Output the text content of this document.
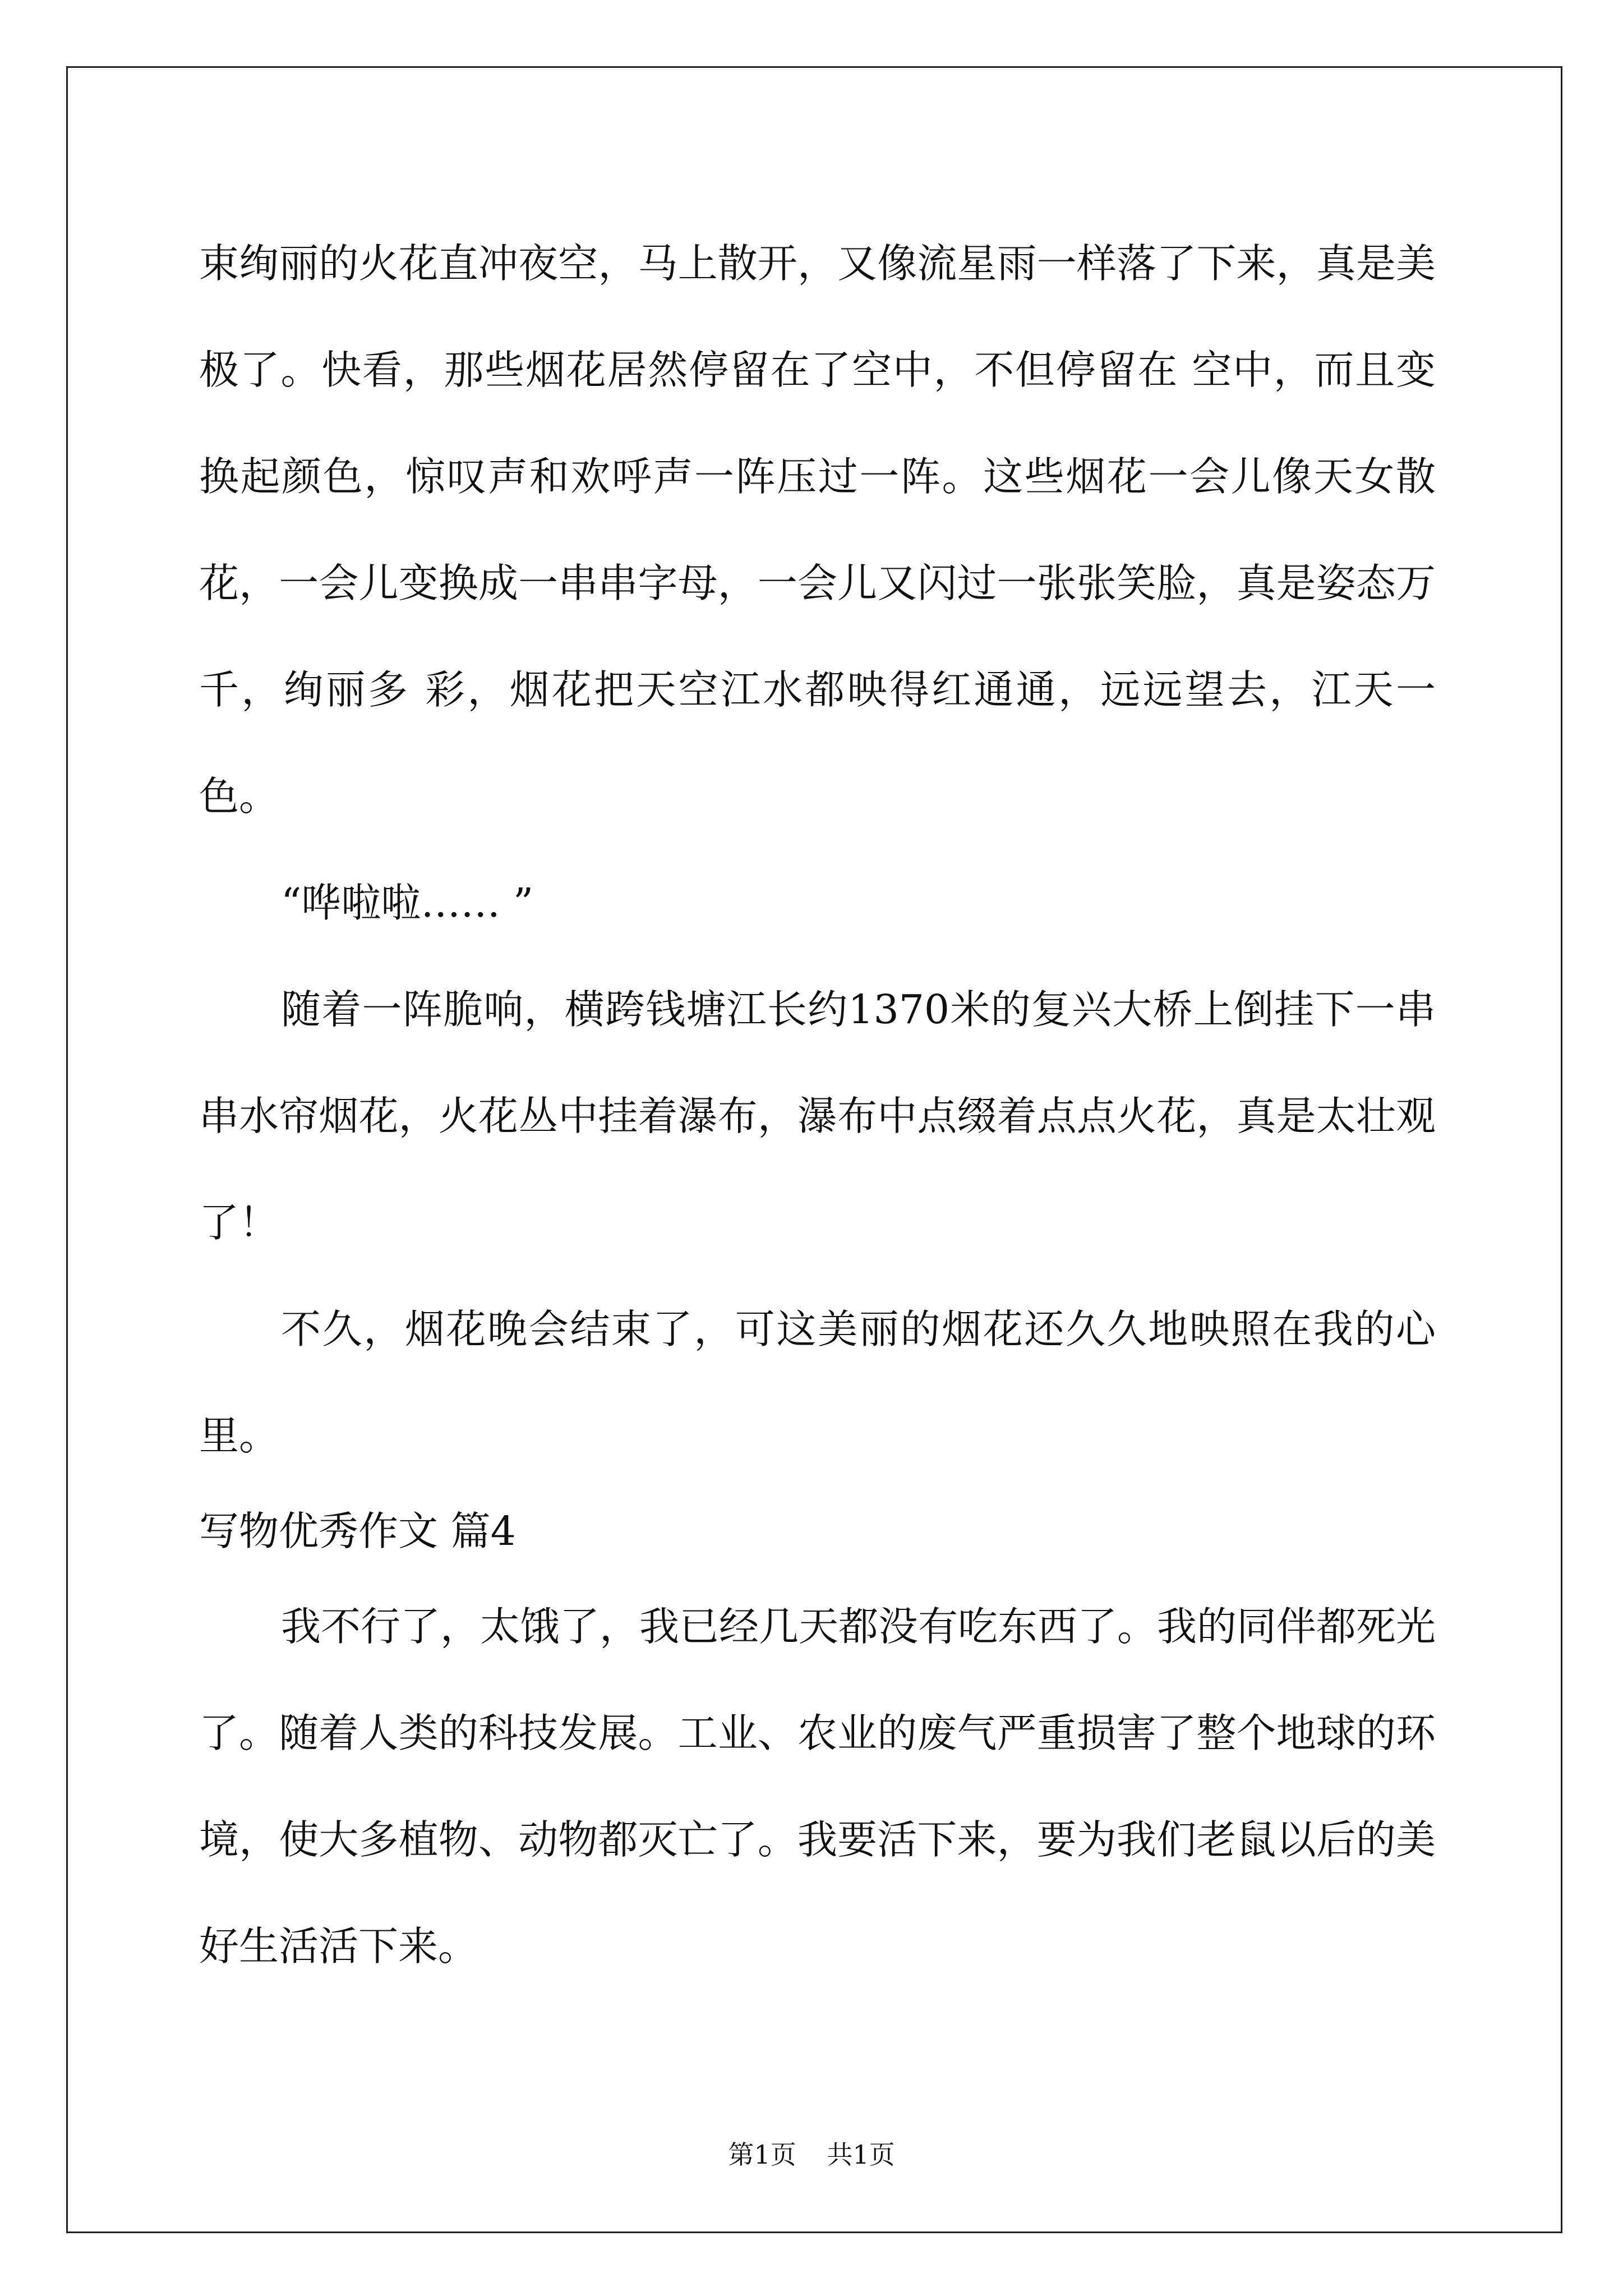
束绚丽的火花直冲夜空，马上散开，又像流星雨一样落了下来，真是美极了。快看，那些烟花居然停留在了空中，不但停留在 空中，而且变换起颜色，惊叹声和欢呼声一阵压过一阵。这些烟花一会儿像天女散花，一会儿变换成一串串字母，一会儿又闪过一张张笑脸，真是姿态万千，绚丽多 彩，烟花把天空江水都映得红通通，远远望去，江天一色。

“哗啦啦…… ”

随着一阵脆响，横跨钱塘江长约1370米的复兴大桥上倒挂下一串串水帘烟花，火花丛中挂着瀑布，瀑布中点缀着点点火花，真是太壮观了！

不久，烟花晚会结束了，可这美丽的烟花还久久地映照在我的心里。

写物优秀作文 篇4

我不行了，太饿了，我已经几天都没有吃东西了。我的同伴都死光了。随着人类的科技发展。工业、农业的废气严重损害了整个地球的环境，使大多植物、动物都灭亡了。我要活下来，要为我们老鼠以后的美好生活活下来。

第1页 共1页
